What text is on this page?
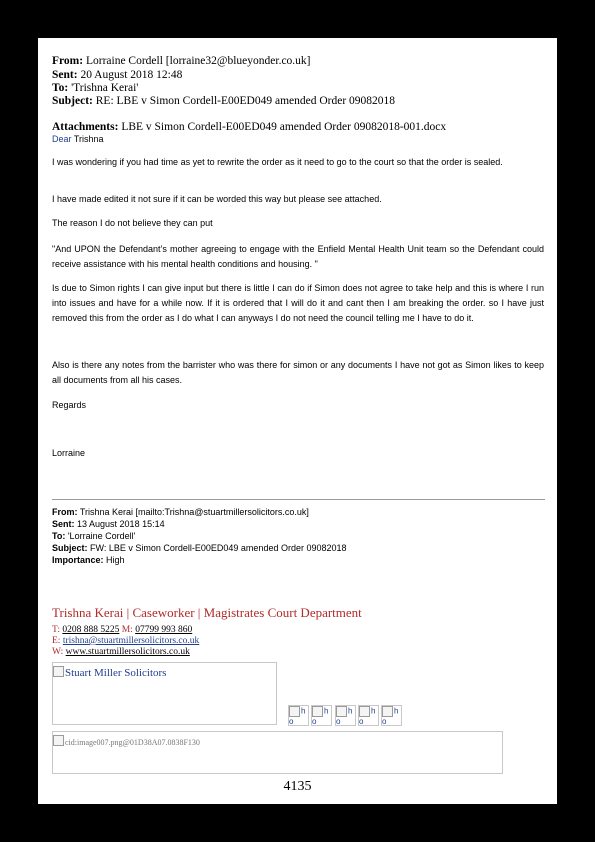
From: Lorraine Cordell [lorraine32@blueyonder.co.uk]
Sent: 20 August 2018 12:48
To: 'Trishna Kerai'
Subject: RE: LBE v Simon Cordell-E00ED049 amended Order 09082018
Attachments: LBE v Simon Cordell-E00ED049 amended Order 09082018-001.docx
Dear Trishna
I was wondering if you had time as yet to rewrite the order as it need to go to the court so that the order is sealed.
I have made edited it not sure if it can be worded this way but please see attached.
The reason I do not believe they can put
"And UPON the Defendant’s mother agreeing to engage with the Enfield Mental Health Unit team so the Defendant could receive assistance with his mental health conditions and housing. "
Is due to Simon rights I can give input but there is little I can do if Simon does not agree to take help and this is where I run into issues and have for a while now. If it is ordered that I will do it and cant then I am breaking the order. so I have just removed this from the order as I do what I can anyways I do not need the council telling me I have to do it.
Also is there any notes from the barrister who was there for simon or any documents I have not got as Simon likes to keep all documents from all his cases.
Regards
Lorraine
From: Trishna Kerai [mailto:Trishna@stuartmillersolicitors.co.uk]
Sent: 13 August 2018 15:14
To: 'Lorraine Cordell'
Subject: FW: LBE v Simon Cordell-E00ED049 amended Order 09082018
Importance: High
Trishna Kerai | Caseworker | Magistrates Court Department
T: 0208 888 5225 M: 07799 993 860
E: trishna@stuartmillersolicitors.co.uk
W: www.stuartmillersolicitors.co.uk
Stuart Miller Solicitors
h
o
h
o
h
o
h
o
h
o
cid:image007.png@01D38A07.0838F130
4135
